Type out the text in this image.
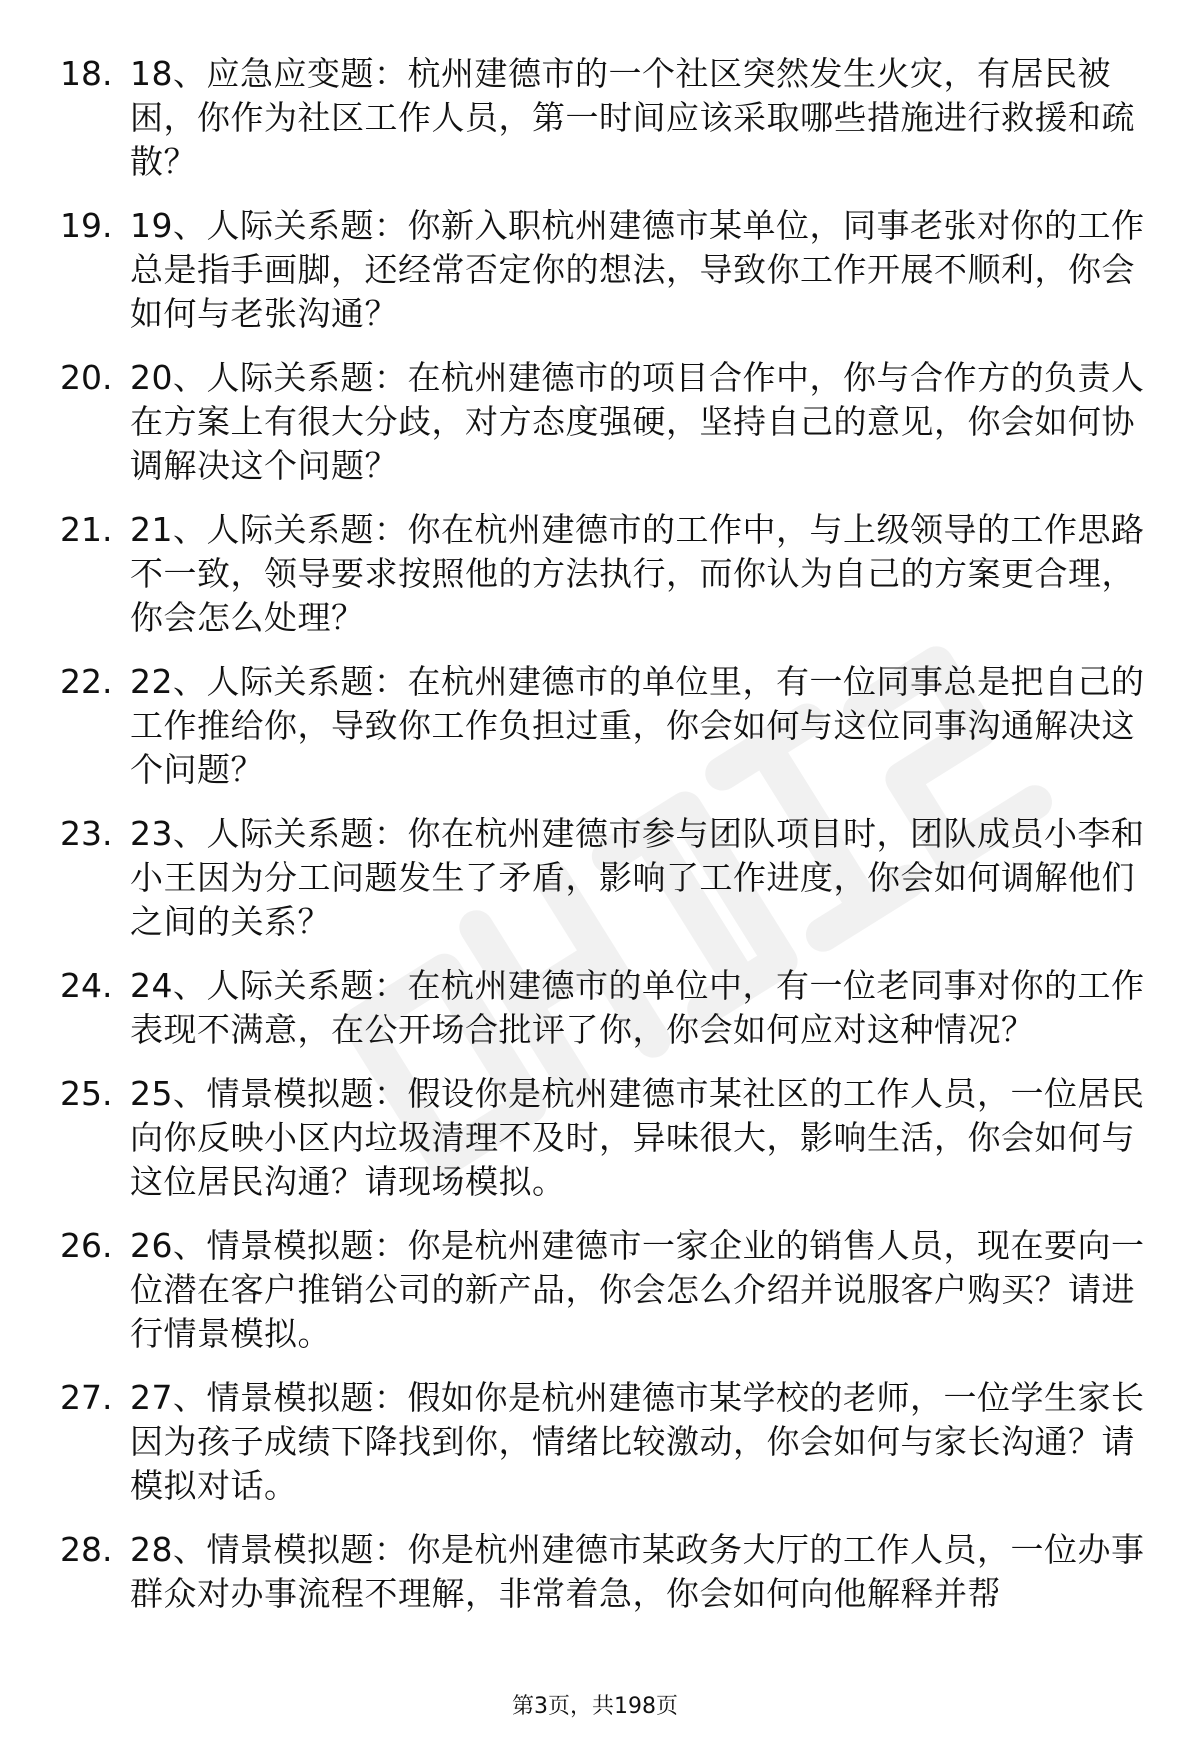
18. 18、应急应变题：杭州建德市的一个社区突然发生火灾，有居民被困，你作为社区工作人员，第一时间应该采取哪些措施进行救援和疏散？
19. 19、人际关系题：你新入职杭州建德市某单位，同事老张对你的工作总是指手画脚，还经常否定你的想法，导致你工作开展不顺利，你会如何与老张沟通？
20. 20、人际关系题：在杭州建德市的项目合作中，你与合作方的负责人在方案上有很大分歧，对方态度强硬，坚持自己的意见，你会如何协调解决这个问题？
21. 21、人际关系题：你在杭州建德市的工作中，与上级领导的工作思路不一致，领导要求按照他的方法执行，而你认为自己的方案更合理，你会怎么处理？
22. 22、人际关系题：在杭州建德市的单位里，有一位同事总是把自己的工作推给你，导致你工作负担过重，你会如何与这位同事沟通解决这个问题？
23. 23、人际关系题：你在杭州建德市参与团队项目时，团队成员小李和小王因为分工问题发生了矛盾，影响了工作进度，你会如何调解他们之间的关系？
24. 24、人际关系题：在杭州建德市的单位中，有一位老同事对你的工作表现不满意，在公开场合批评了你，你会如何应对这种情况？
25. 25、情景模拟题：假设你是杭州建德市某社区的工作人员，一位居民向你反映小区内垃圾清理不及时，异味很大，影响生活，你会如何与这位居民沟通？请现场模拟。
26. 26、情景模拟题：你是杭州建德市一家企业的销售人员，现在要向一位潜在客户推销公司的新产品，你会怎么介绍并说服客户购买？请进行情景模拟。
27. 27、情景模拟题：假如你是杭州建德市某学校的老师，一位学生家长因为孩子成绩下降找到你，情绪比较激动，你会如何与家长沟通？请模拟对话。
28. 28、情景模拟题：你是杭州建德市某政务大厅的工作人员，一位办事群众对办事流程不理解，非常着急，你会如何向他解释并帮
第3页，共198页
